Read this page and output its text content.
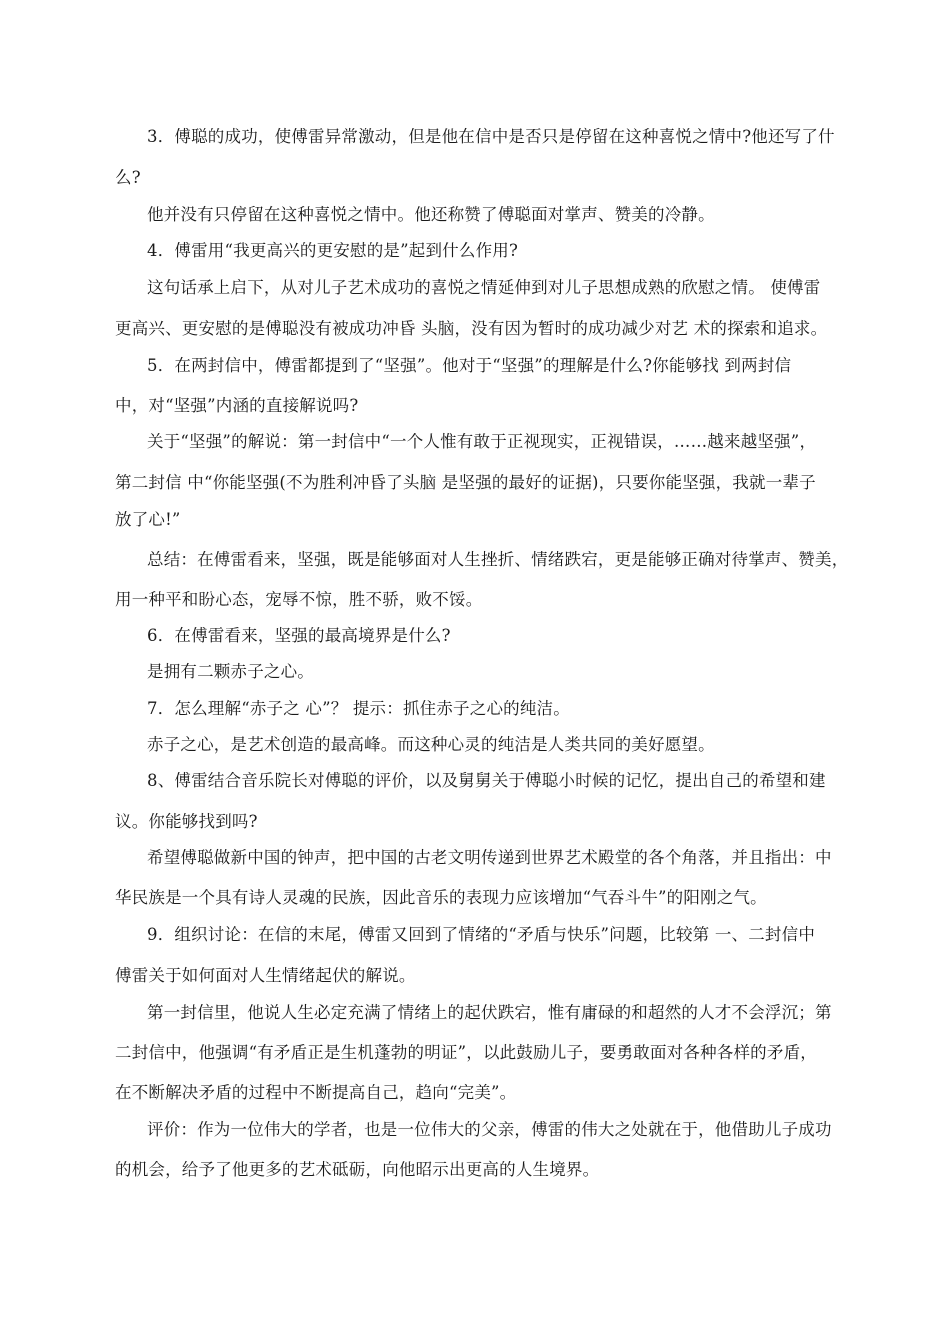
3．傅聪的成功，使傅雷异常激动，但是他在信中是否只是停留在这种喜悦之情中?他还写了什
么?
他并没有只停留在这种喜悦之情中。他还称赞了傅聪面对掌声、赞美的冷静。
4．傅雷用“我更高兴的更安慰的是”起到什么作用?
这句话承上启下，从对儿子艺术成功的喜悦之情延伸到对儿子思想成熟的欣慰之情。 使傅雷
更高兴、更安慰的是傅聪没有被成功冲昏 头脑，没有因为暂时的成功减少对艺 术的探索和追求。
5．在两封信中，傅雷都提到了“坚强”。他对于“坚强”的理解是什么?你能够找 到两封信
中，对“坚强”内涵的直接解说吗?
关于“坚强”的解说：第一封信中“一个人惟有敢于正视现实，正视错误，……越来越坚强”，
第二封信 中“你能坚强(不为胜利冲昏了头脑 是坚强的最好的证据)，只要你能坚强，我就一辈子
放了心!”
总结：在傅雷看来，坚强，既是能够面对人生挫折、情绪跌宕，更是能够正确对待掌声、赞美，
用一种平和盼心态，宠辱不惊，胜不骄，败不馁。
6．在傅雷看来，坚强的最高境界是什么?
是拥有二颗赤子之心。
7．怎么理解“赤子之 心”？ 提示：抓住赤子之心的纯洁。
赤子之心，是艺术创造的最高峰。而这种心灵的纯洁是人类共同的美好愿望。
8、傅雷结合音乐院长对傅聪的评价，以及舅舅关于傅聪小时候的记忆，提出自己的希望和建
议。你能够找到吗?
希望傅聪做新中国的钟声，把中国的古老文明传递到世界艺术殿堂的各个角落，并且指出：中
华民族是一个具有诗人灵魂的民族，因此音乐的表现力应该增加“气吞斗牛”的阳刚之气。
9．组织讨论：在信的末尾，傅雷又回到了情绪的“矛盾与快乐”问题，比较第 一、二封信中
傅雷关于如何面对人生情绪起伏的解说。
第一封信里，他说人生必定充满了情绪上的起伏跌宕，惟有庸碌的和超然的人才不会浮沉；第
二封信中，他强调“有矛盾正是生机蓬勃的明证”，以此鼓励儿子，要勇敢面对各种各样的矛盾，
在不断解决矛盾的过程中不断提高自己，趋向“完美”。
评价：作为一位伟大的学者，也是一位伟大的父亲，傅雷的伟大之处就在于，他借助儿子成功
的机会，给予了他更多的艺术砥砺，向他昭示出更高的人生境界。
